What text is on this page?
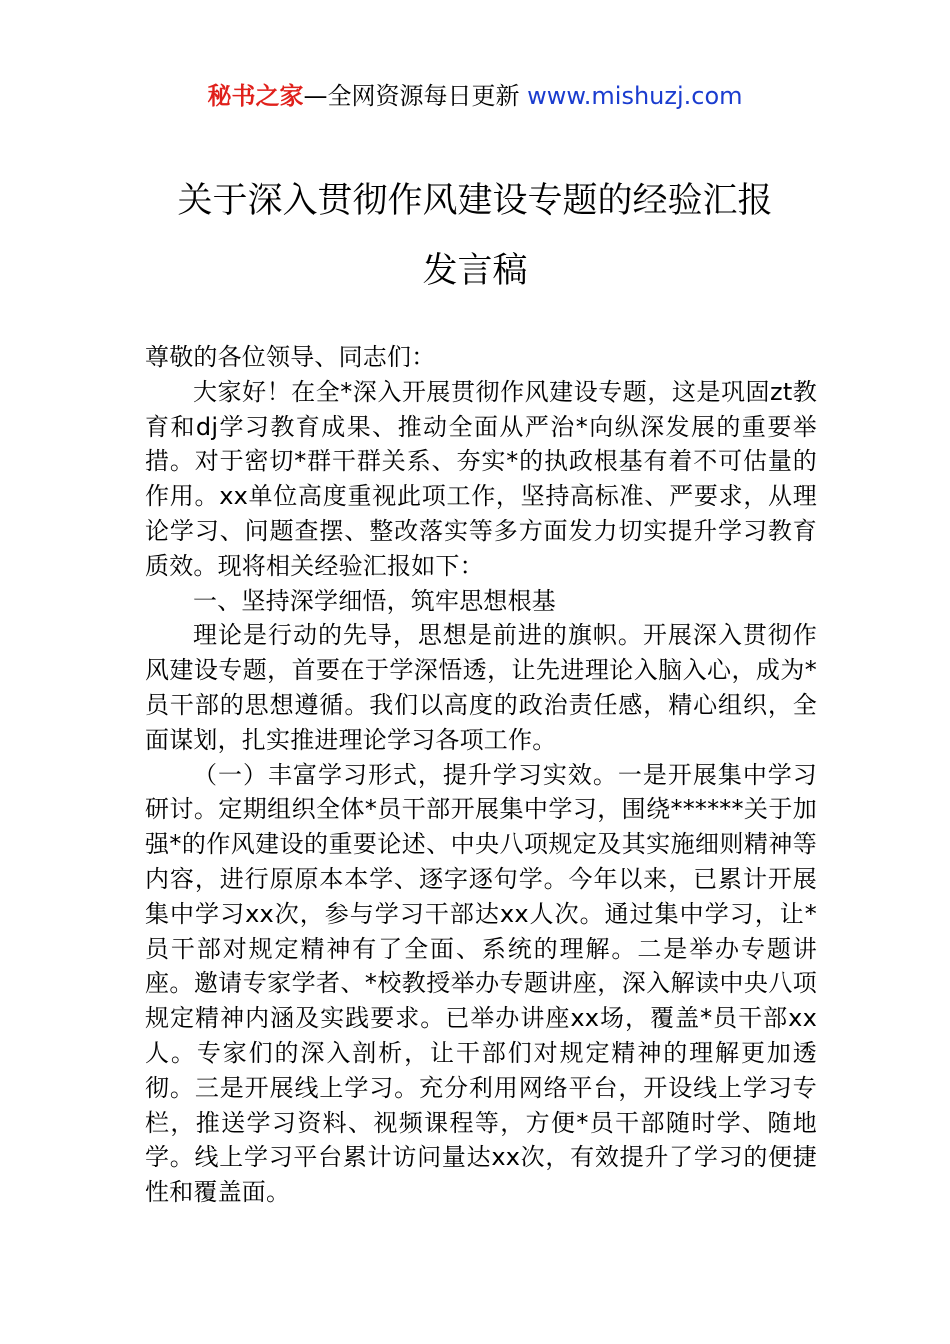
秘书之家—全网资源每日更新 www.mishuzj.com
关于深入贯彻作风建设专题的经验汇报
发言稿

尊敬的各位领导、同志们：

大家好！在全*深入开展贯彻作风建设专题，这是巩固zt教育和dj学习教育成果、推动全面从严治*向纵深发展的重要举措。对于密切*群干群关系、夯实*的执政根基有着不可估量的作用。xx单位高度重视此项工作，坚持高标准、严要求，从理论学习、问题查摆、整改落实等多方面发力切实提升学习教育质效。现将相关经验汇报如下：

一、坚持深学细悟，筑牢思想根基

理论是行动的先导，思想是前进的旗帜。开展深入贯彻作风建设专题，首要在于学深悟透，让先进理论入脑入心，成为*员干部的思想遵循。我们以高度的政治责任感，精心组织，全面谋划，扎实推进理论学习各项工作。

（一）丰富学习形式，提升学习实效。一是开展集中学习研讨。定期组织全体*员干部开展集中学习，围绕******关于加强*的作风建设的重要论述、中央八项规定及其实施细则精神等内容，进行原原本本学、逐字逐句学。今年以来，已累计开展集中学习xx次，参与学习干部达xx人次。通过集中学习，让*员干部对规定精神有了全面、系统的理解。二是举办专题讲座。邀请专家学者、*校教授举办专题讲座，深入解读中央八项规定精神内涵及实践要求。已举办讲座xx场，覆盖*员干部xx人。专家们的深入剖析，让干部们对规定精神的理解更加透彻。三是开展线上学习。充分利用网络平台，开设线上学习专栏，推送学习资料、视频课程等，方便*员干部随时学、随地学。线上学习平台累计访问量达xx次，有效提升了学习的便捷性和覆盖面。
